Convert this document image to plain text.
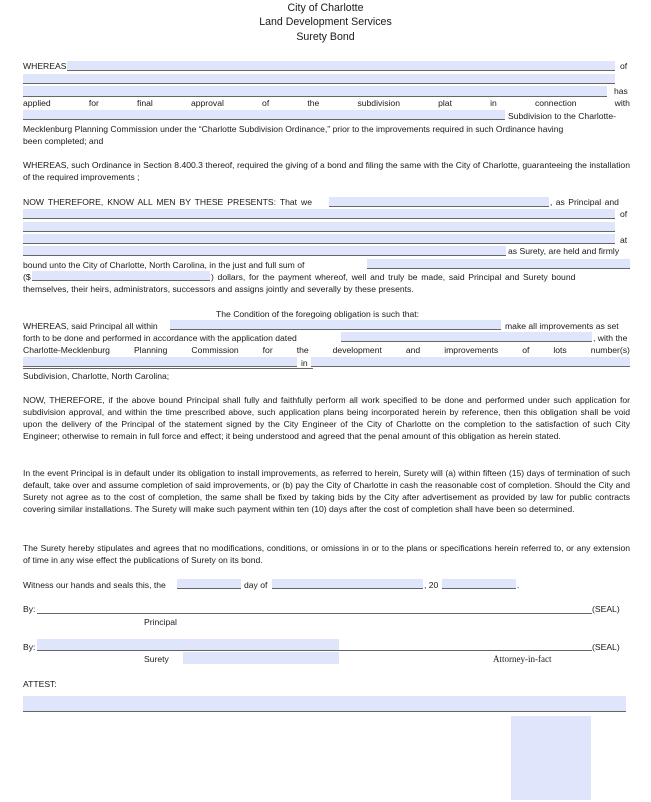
City of Charlotte
Land Development Services
Surety Bond
WHEREAS	of
has
applied	for	final	approval	of	the	subdivision	plat	in	connection	with
Subdivision to the Charlotte-
Mecklenburg Planning Commission under the “Charlotte Subdivision Ordinance,” prior to the improvements required in such Ordinance having
been completed; and
WHEREAS, such Ordinance in Section 8.400.3 thereof, required the giving of a bond and filing the same with the City of Charlotte, guaranteeing the installation of the required improvements ;
NOW THEREFORE, KNOW ALL MEN BY THESE PRESENTS: That we	, as Principal and
of
at
as Surety, are held and firmly
bound unto the City of Charlotte, North Carolina, in the just and full sum of
($	) dollars, for the payment whereof, well and truly be made, said Principal and Surety bound
themselves, their heirs, administrators, successors and assigns jointly and severally by these presents.
The Condition of the foregoing obligation is such that:
WHEREAS, said Principal all within	make all improvements as set
forth to be done and performed in accordance with the application dated	, with the
Charlotte-Mecklenburg	Planning	Commission	for	the	development	and	improvements	of	lots	number(s)
in
Subdivision, Charlotte, North Carolina;
NOW, THEREFORE, if the above bound Principal shall fully and faithfully perform all work specified to be done and performed under such application for subdivision approval, and within the time prescribed above, such application plans being incorporated herein by reference, then this obligation shall be void upon the delivery of the Principal of the statement signed by the City Engineer of the City of Charlotte on the completion to the satisfaction of such City Engineer; otherwise to remain in full force and effect; it being understood and agreed that the penal amount of this obligation as herein stated.
In the event Principal is in default under its obligation to install improvements, as referred to herein, Surety will (a) within fifteen (15) days of termination of such default, take over and assume completion of said improvements, or (b) pay the City of Charlotte in cash the reasonable cost of completion. Should the City and Surety not agree as to the cost of completion, the same shall be fixed by taking bids by the City after advertisement as provided by law for public contracts covering similar installations. The Surety will make such payment within ten (10) days after the cost of completion shall have been so determined.
The Surety hereby stipulates and agrees that no modifications, conditions, or omissions in or to the plans or specifications herein referred to, or any extension of time in any wise effect the publications of Surety on its bond.
Witness our hands and seals this, the	day of	, 20	.
By:	(SEAL)
Principal
By:	(SEAL)
Surety	Attorney-in-fact
ATTEST:
